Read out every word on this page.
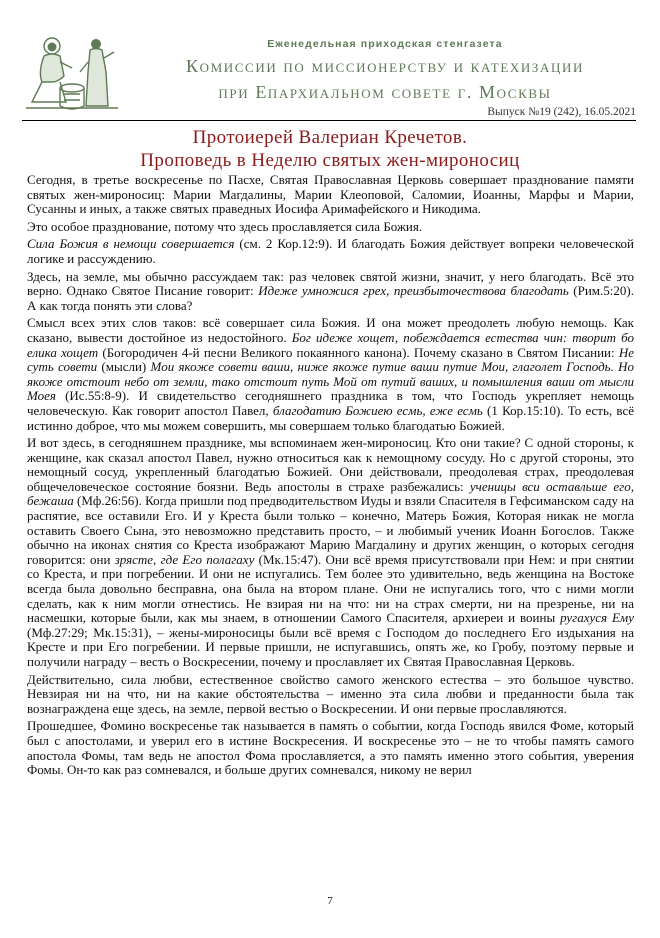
Еженедельная приходская стенгазета
Комиссии по миссионерству и катехизации
при Епархиальном совете г. Москвы
Выпуск №19 (242), 16.05.2021
Протоиерей Валериан Кречетов.
Проповедь в Неделю святых жен-мироносиц

Сегодня, в третье воскресенье по Пасхе, Святая Православная Церковь совершает празднование памяти святых жен-мироносиц: Марии Магдалины, Марии Клеоповой, Саломии, Иоанны, Марфы и Марии, Сусанны и иных, а также святых праведных Иосифа Аримафейского и Никодима.

Это особое празднование, потому что здесь прославляется сила Божия.

Сила Божия в немощи совершается (см. 2 Кор.12:9). И благодать Божия действует вопреки человеческой логике и рассуждению.

Здесь, на земле, мы обычно рассуждаем так: раз человек святой жизни, значит, у него благодать. Всё это верно. Однако Святое Писание говорит: Идеже умножися грех, преизбыточествова благодать (Рим.5:20). А как тогда понять эти слова?

Смысл всех этих слов таков: всё совершает сила Божия. И она может преодолеть любую немощь. Как сказано, вывести достойное из недостойного. Бог идеже хощет, побеждается естества чин: творит бо елика хощет (Богородичен 4-й песни Великого покаянного канона). Почему сказано в Святом Писании: Не суть совети (мысли) Мои якоже совети ваши, ниже якоже путие ваши путие Мои, глаголет Господь. Но якоже отстоит небо от земли, тако отстоит путь Мой от путий ваших, и помышления ваши от мысли Моея (Ис.55:8-9). И свидетельство сегодняшнего праздника в том, что Господь укрепляет немощь человеческую. Как говорит апостол Павел, благодатию Божиею есмь, еже есмь (1 Кор.15:10). То есть, всё истинно доброе, что мы можем совершить, мы совершаем только благодатью Божией.

И вот здесь, в сегодняшнем празднике, мы вспоминаем жен-мироносиц. Кто они такие? С одной стороны, к женщине, как сказал апостол Павел, нужно относиться как к немощному сосуду. Но с другой стороны, это немощный сосуд, укрепленный благодатью Божией. Они действовали, преодолевая страх, преодолевая общечеловеческое состояние боязни. Ведь апостолы в страхе разбежались: ученицы вси оставльше его, бежаша (Мф.26:56). Когда пришли под предводительством Иуды и взяли Спасителя в Гефсиманском саду на распятие, все оставили Его. И у Креста были только – конечно, Матерь Божия, Которая никак не могла оставить Своего Сына, это невозможно представить просто, – и любимый ученик Иоанн Богослов. Также обычно на иконах снятия со Креста изображают Марию Магдалину и других женщин, о которых сегодня говорится: они зрясте, где Его полагаху (Мк.15:47). Они всё время присутствовали при Нем: и при снятии со Креста, и при погребении. И они не испугались. Тем более это удивительно, ведь женщина на Востоке всегда была довольно бесправна, она была на втором плане. Они не испугались того, что с ними могли сделать, как к ним могли отнестись. Не взирая ни на что: ни на страх смерти, ни на презренье, ни на насмешки, которые были, как мы знаем, в отношении Самого Спасителя, архиереи и воины ругахуся Ему (Мф.27:29; Мк.15:31), – жены-мироносицы были всё время с Господом до последнего Его издыхания на Кресте и при Его погребении. И первые пришли, не испугавшись, опять же, ко Гробу, поэтому первые и получили награду – весть о Воскресении, почему и прославляет их Святая Православная Церковь.

Действительно, сила любви, естественное свойство самого женского естества – это большое чувство. Невзирая ни на что, ни на какие обстоятельства – именно эта сила любви и преданности была так вознаграждена еще здесь, на земле, первой вестью о Воскресении. И они первые прославляются.

Прошедшее, Фомино воскресенье так называется в память о событии, когда Господь явился Фоме, который был с апостолами, и уверил его в истине Воскресения. И воскресенье это – не то чтобы память самого апостола Фомы, там ведь не апостол Фома прославляется, а это память именно этого события, уверения Фомы. Он-то как раз сомневался, и больше других сомневался, никому не верил

7
